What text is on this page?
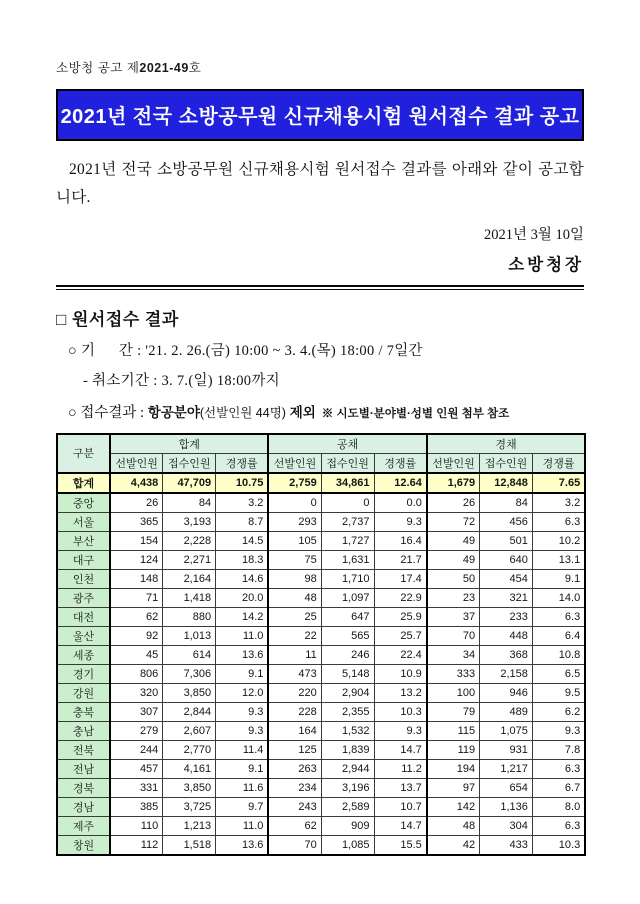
소방청 공고 제2021-49호
2021년 전국 소방공무원 신규채용시험 원서접수 결과 공고
2021년 전국 소방공무원 신규채용시험 원서접수 결과를 아래와 같이 공고합니다.
2021년 3월 10일
소방청장
□ 원서접수 결과
○ 기      간 : '21. 2. 26.(금) 10:00 ~ 3. 4.(목) 18:00 / 7일간
- 취소기간 : 3. 7.(일) 18:00까지
○ 접수결과 : 항공분야(선발인원 44명) 제외 ※ 시도별·분야별·성별 인원 첨부 참조
구분	합계			공채			경채		
	선발인원	접수인원	경쟁률	선발인원	접수인원	경쟁률	선발인원	접수인원	경쟁률
합계	4,438	47,709	10.75	2,759	34,861	12.64	1,679	12,848	7.65
중앙	26	84	3.2	0	0	0.0	26	84	3.2
서울	365	3,193	8.7	293	2,737	9.3	72	456	6.3
부산	154	2,228	14.5	105	1,727	16.4	49	501	10.2
대구	124	2,271	18.3	75	1,631	21.7	49	640	13.1
인천	148	2,164	14.6	98	1,710	17.4	50	454	9.1
광주	71	1,418	20.0	48	1,097	22.9	23	321	14.0
대전	62	880	14.2	25	647	25.9	37	233	6.3
울산	92	1,013	11.0	22	565	25.7	70	448	6.4
세종	45	614	13.6	11	246	22.4	34	368	10.8
경기	806	7,306	9.1	473	5,148	10.9	333	2,158	6.5
강원	320	3,850	12.0	220	2,904	13.2	100	946	9.5
충북	307	2,844	9.3	228	2,355	10.3	79	489	6.2
충남	279	2,607	9.3	164	1,532	9.3	115	1,075	9.3
전북	244	2,770	11.4	125	1,839	14.7	119	931	7.8
전남	457	4,161	9.1	263	2,944	11.2	194	1,217	6.3
경북	331	3,850	11.6	234	3,196	13.7	97	654	6.7
경남	385	3,725	9.7	243	2,589	10.7	142	1,136	8.0
제주	110	1,213	11.0	62	909	14.7	48	304	6.3
창원	112	1,518	13.6	70	1,085	15.5	42	433	10.3
